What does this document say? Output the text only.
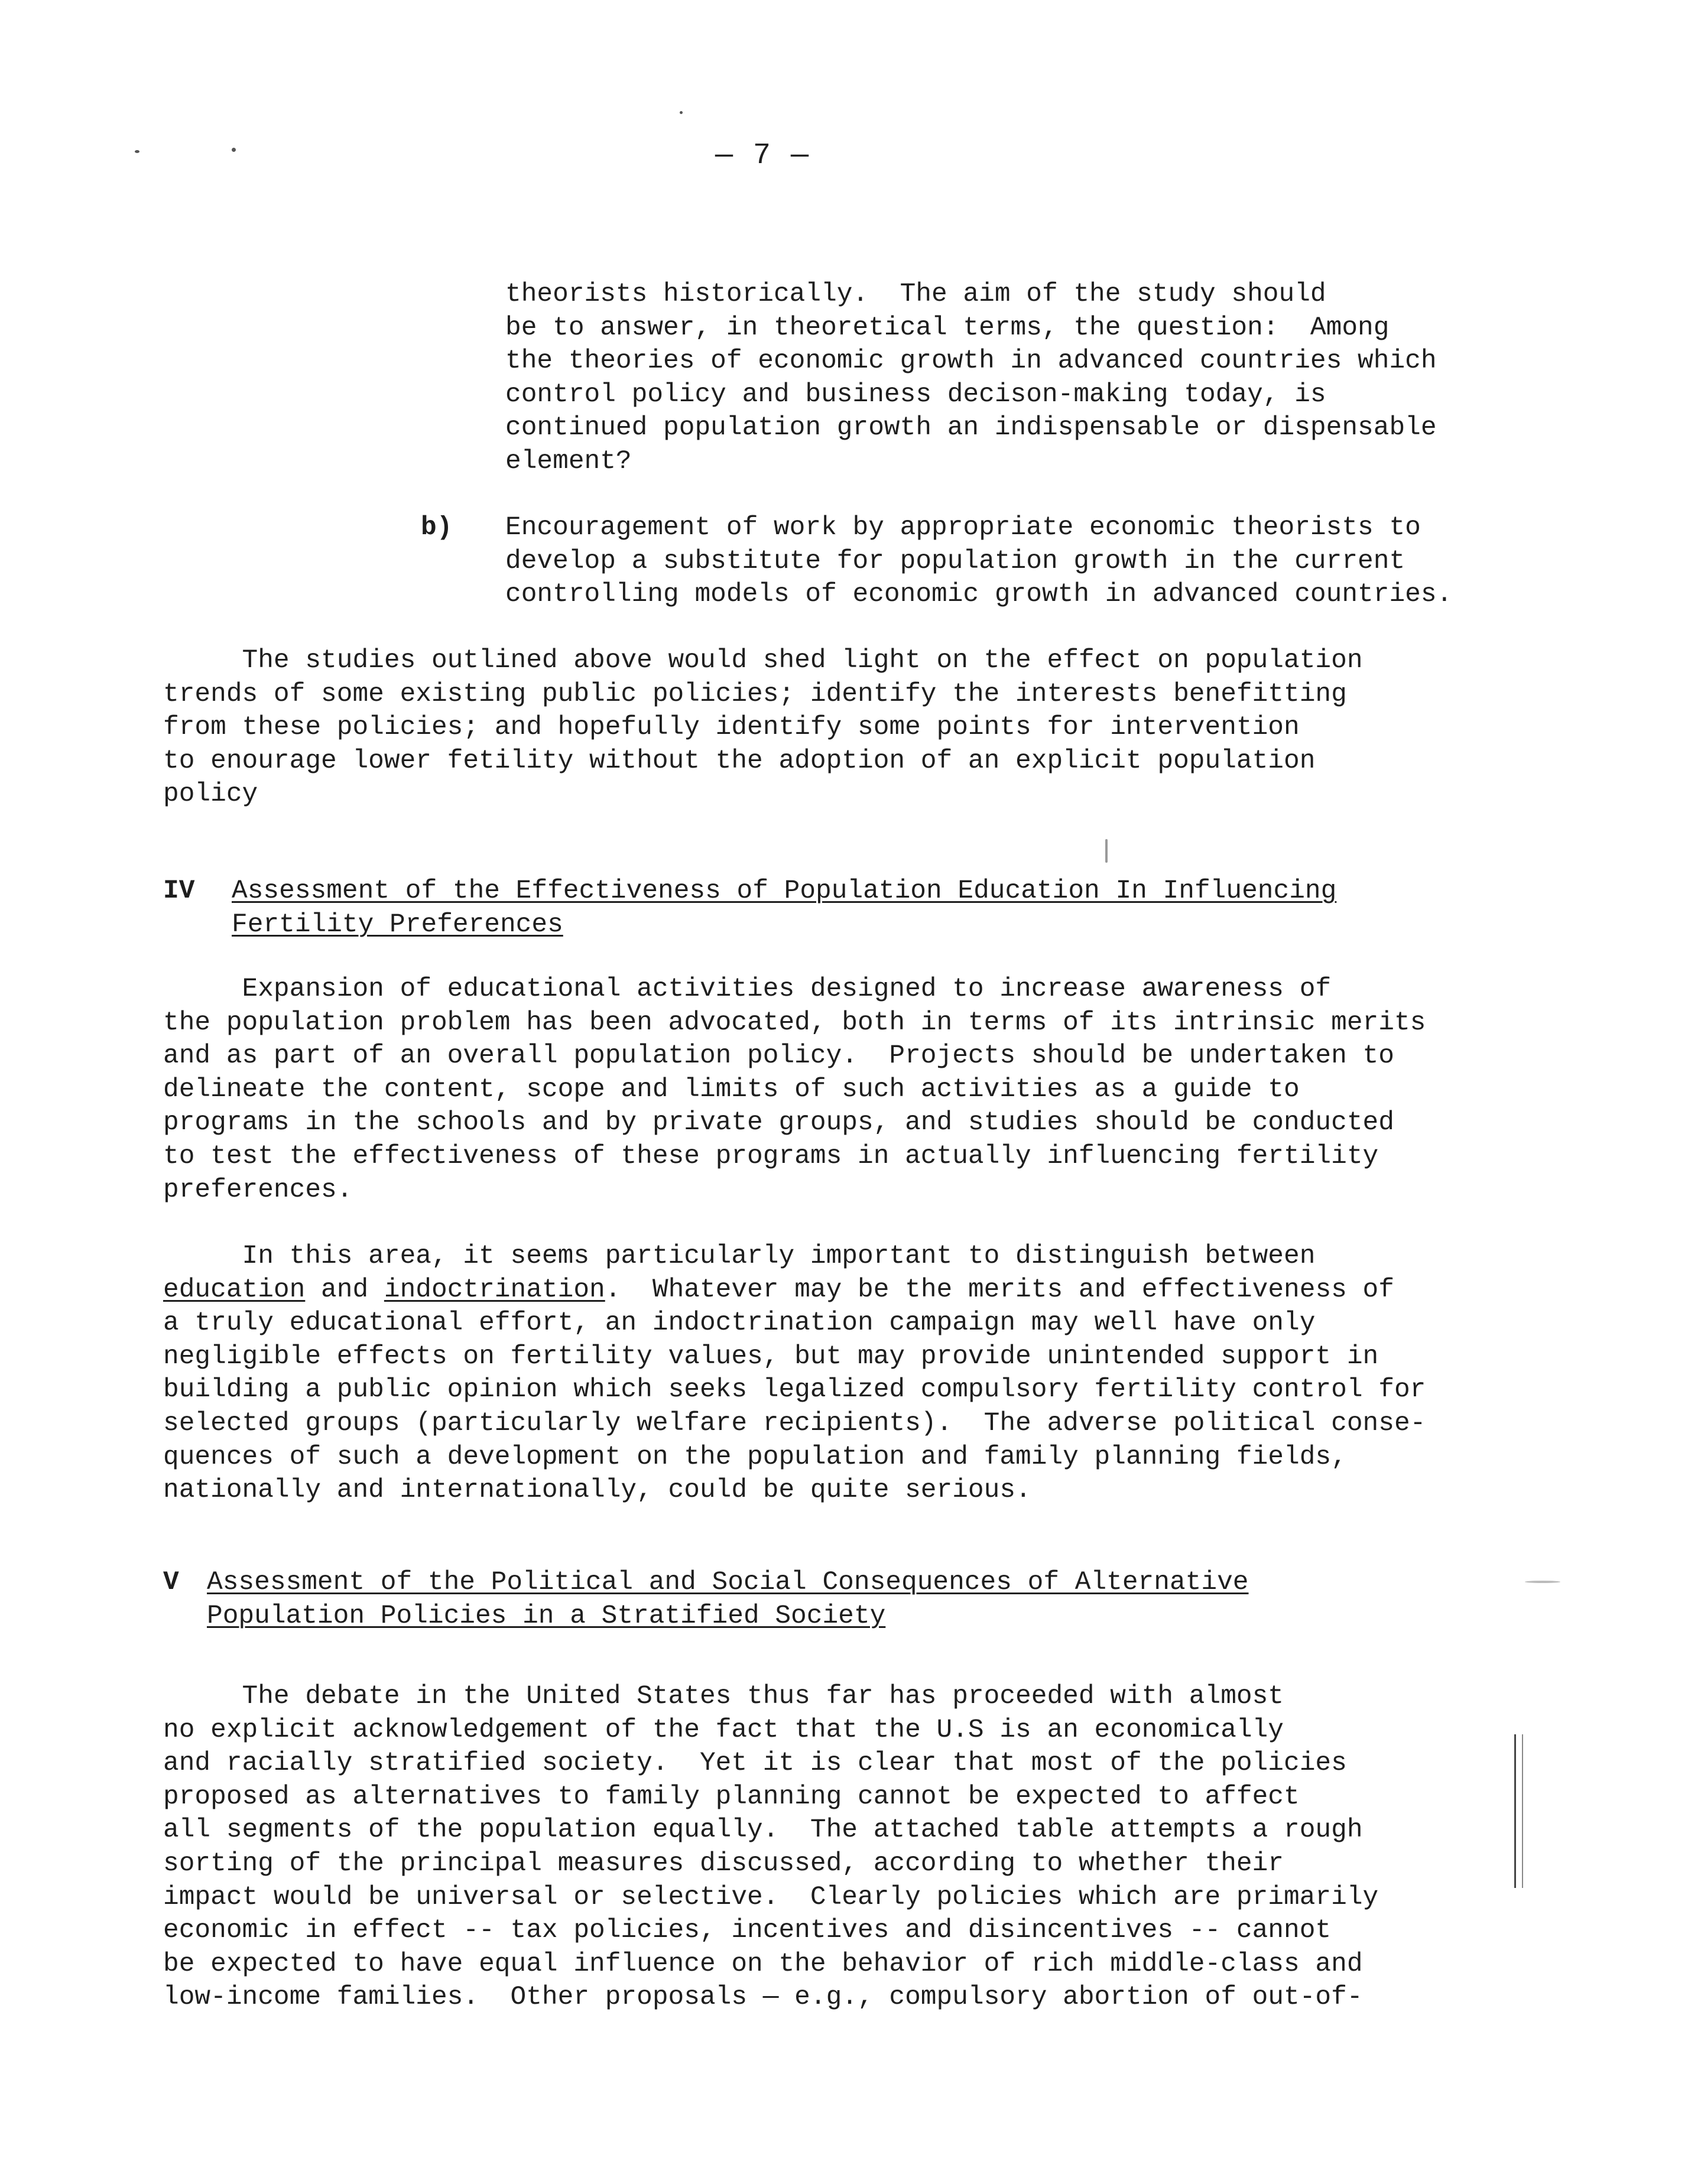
— 7 —
theorists historically.  The aim of the study should
be to answer, in theoretical terms, the question:  Among
the theories of economic growth in advanced countries which
control policy and business decison-making today, is
continued population growth an indispensable or dispensable
element?
b) Encouragement of work by appropriate economic theorists to
develop a substitute for population growth in the current
controlling models of economic growth in advanced countries.
The studies outlined above would shed light on the effect on population
trends of some existing public policies; identify the interests benefitting
from these policies; and hopefully identify some points for intervention
to enourage lower fetility without the adoption of an explicit population
policy
IV Assessment of the Effectiveness of Population Education In Influencing
Fertility Preferences
Expansion of educational activities designed to increase awareness of
the population problem has been advocated, both in terms of its intrinsic merits
and as part of an overall population policy.  Projects should be undertaken to
delineate the content, scope and limits of such activities as a guide to
programs in the schools and by private groups, and studies should be conducted
to test the effectiveness of these programs in actually influencing fertility
preferences.
In this area, it seems particularly important to distinguish between
education and indoctrination.  Whatever may be the merits and effectiveness of
a truly educational effort, an indoctrination campaign may well have only
negligible effects on fertility values, but may provide unintended support in
building a public opinion which seeks legalized compulsory fertility control for
selected groups (particularly welfare recipients).  The adverse political conse-
quences of such a development on the population and family planning fields,
nationally and internationally, could be quite serious.
V Assessment of the Political and Social Consequences of Alternative
Population Policies in a Stratified Society
The debate in the United States thus far has proceeded with almost
no explicit acknowledgement of the fact that the U.S is an economically
and racially stratified society.  Yet it is clear that most of the policies
proposed as alternatives to family planning cannot be expected to affect
all segments of the population equally.  The attached table attempts a rough
sorting of the principal measures discussed, according to whether their
impact would be universal or selective.  Clearly policies which are primarily
economic in effect -- tax policies, incentives and disincentives -- cannot
be expected to have equal influence on the behavior of rich middle-class and
low-income families.  Other proposals — e.g., compulsory abortion of out-of-
